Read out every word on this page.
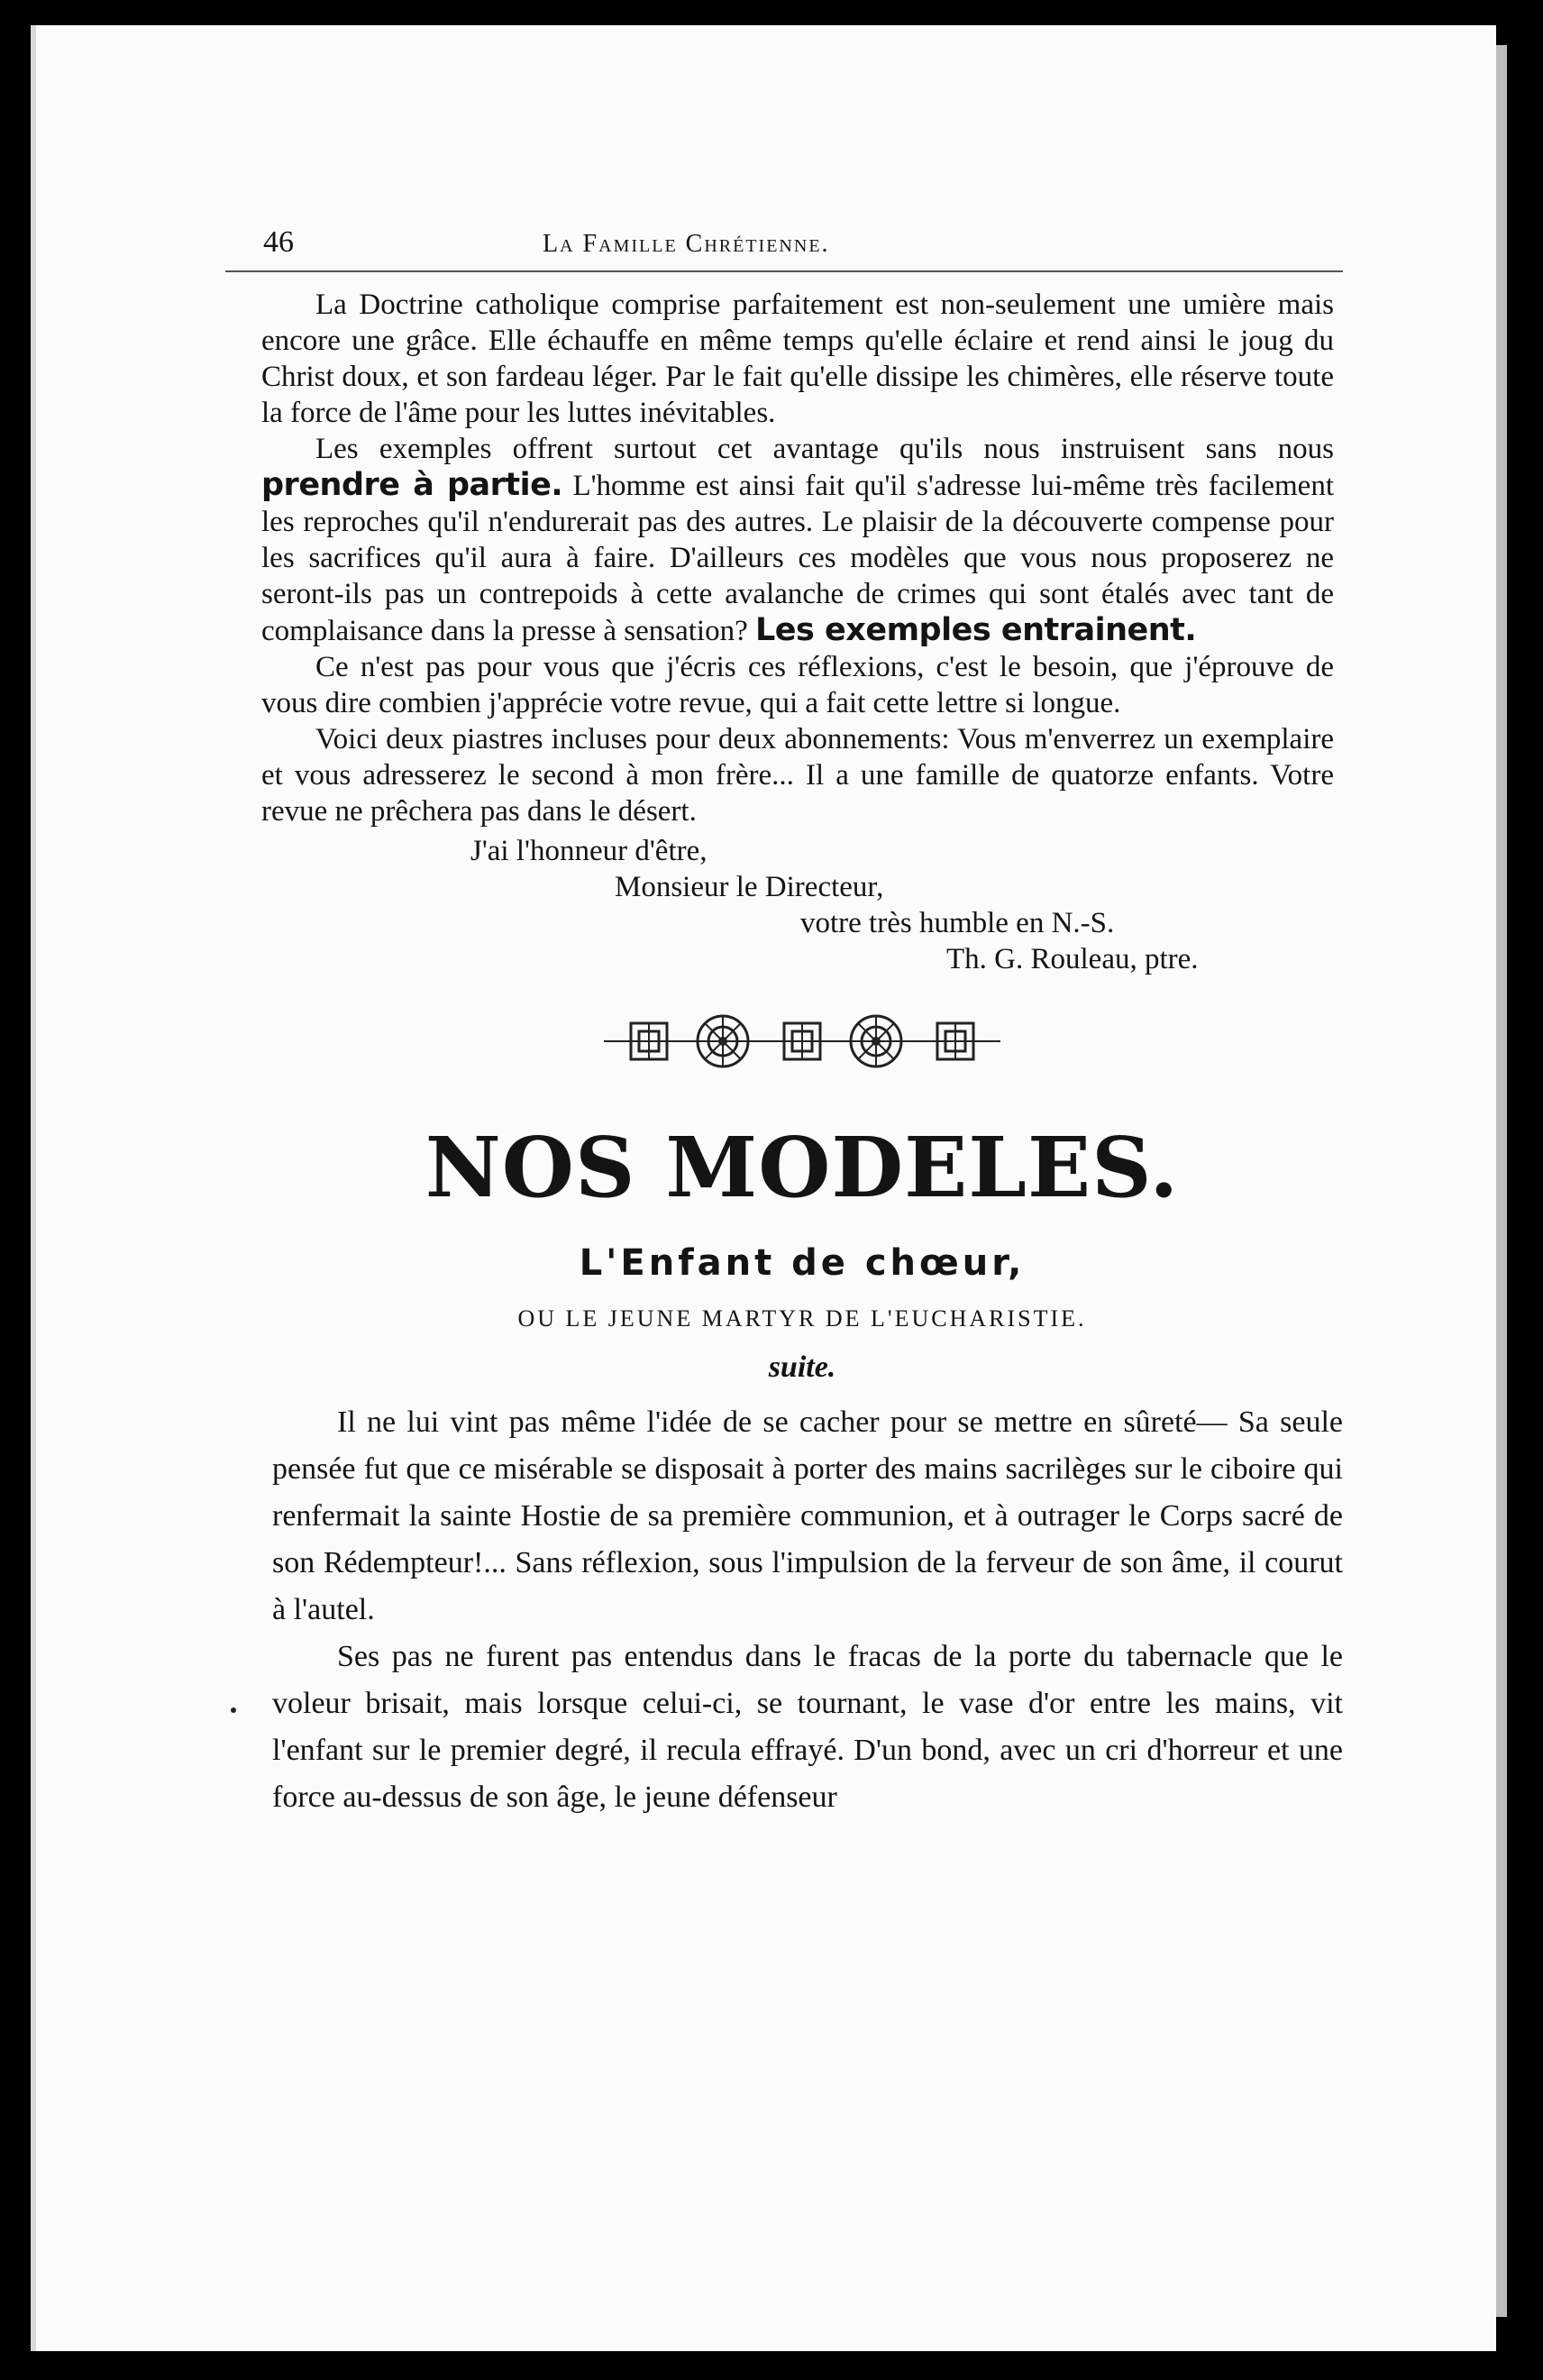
46	La Famille Chrétienne.

La Doctrine catholique comprise parfaitement est non-seulement une umière mais encore une grâce. Elle échauffe en même temps qu'elle éclaire et rend ainsi le joug du Christ doux, et son fardeau léger. Par le fait qu'elle dissipe les chimères, elle réserve toute la force de l'âme pour les luttes inévitables.

Les exemples offrent surtout cet avantage qu'ils nous instruisent sans nous prendre à partie. L'homme est ainsi fait qu'il s'adresse lui-même très facilement les reproches qu'il n'endurerait pas des autres. Le plaisir de la découverte compense pour les sacrifices qu'il aura à faire. D'ailleurs ces modèles que vous nous proposerez ne seront-ils pas un contrepoids à cette avalanche de crimes qui sont étalés avec tant de complaisance dans la presse à sensation? Les exemples entrainent.

Ce n'est pas pour vous que j'écris ces réflexions, c'est le besoin, que j'éprouve de vous dire combien j'apprécie votre revue, qui a fait cette lettre si longue.

Voici deux piastres incluses pour deux abonnements: Vous m'enverrez un exemplaire et vous adresserez le second à mon frère... Il a une famille de quatorze enfants. Votre revue ne prêchera pas dans le désert.

J'ai l'honneur d'être,
Monsieur le Directeur,
votre très humble en N.-S.
Th. G. Rouleau, ptre.
NOS MODELES.
L'Enfant de chœur,
OU LE JEUNE MARTYR DE L'EUCHARISTIE.
suite.

Il ne lui vint pas même l'idée de se cacher pour se mettre en sûreté— Sa seule pensée fut que ce misérable se disposait à porter des mains sacrilèges sur le ciboire qui renfermait la sainte Hostie de sa première communion, et à outrager le Corps sacré de son Rédempteur!... Sans réflexion, sous l'impulsion de la ferveur de son âme, il courut à l'autel.

Ses pas ne furent pas entendus dans le fracas de la porte du tabernacle que le voleur brisait, mais lorsque celui-ci, se tournant, le vase d'or entre les mains, vit l'enfant sur le premier degré, il recula effrayé. D'un bond, avec un cri d'horreur et une force au-dessus de son âge, le jeune défenseur
